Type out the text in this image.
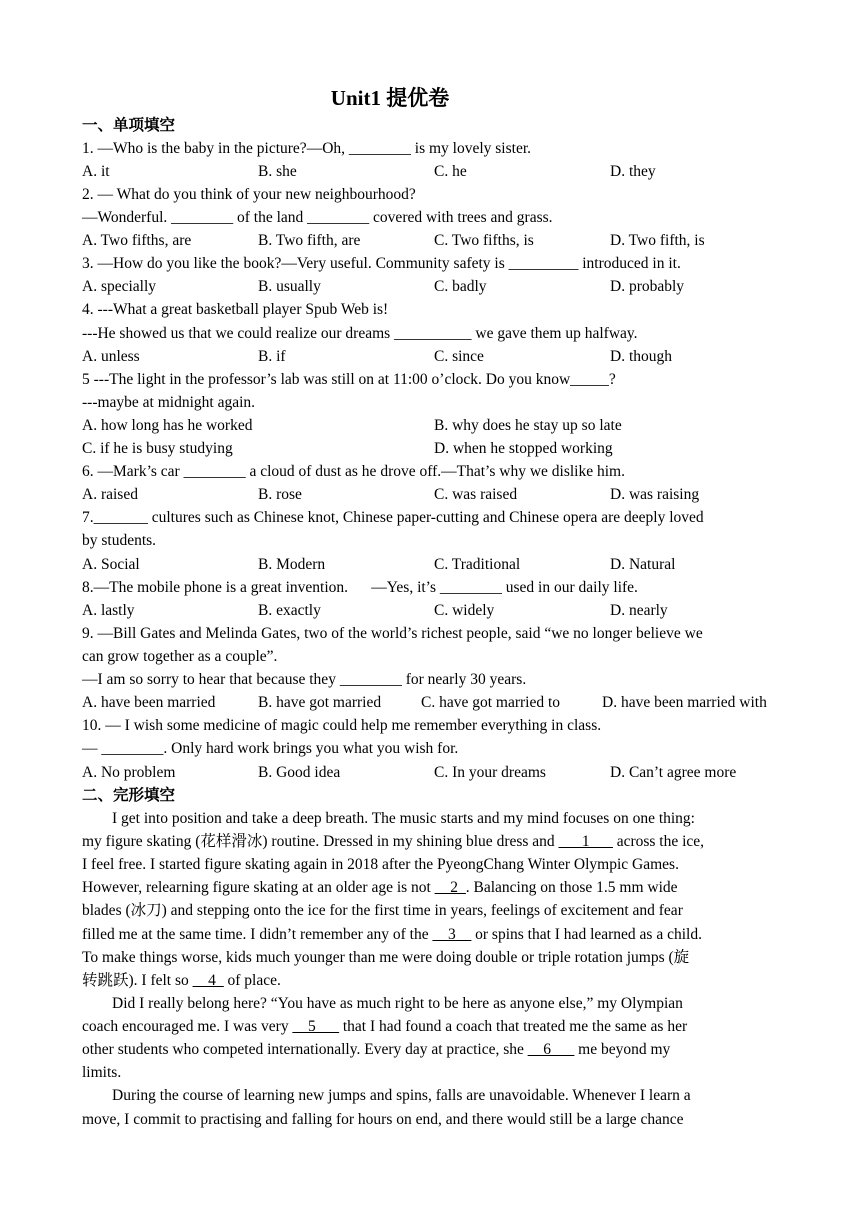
Unit1 提优卷
一、单项填空
1. —Who is the baby in the picture?—Oh, ________ is my lovely sister.
A. it	B. she	C. he	D. they
2. — What do you think of your new neighbourhood?
—Wonderful. ________ of the land ________ covered with trees and grass.
A. Two fifths, are	B. Two fifth, are	C. Two fifths, is	D. Two fifth, is
3. —How do you like the book?—Very useful. Community safety is _________ introduced in it.
A. specially	B. usually	C. badly	D. probably
4. ---What a great basketball player Spub Web is!
---He showed us that we could realize our dreams __________ we gave them up halfway.
A. unless	B. if	C. since	D. though
5 ---The light in the professor’s lab was still on at 11:00 o’clock. Do you know_____?
---maybe at midnight again.
A. how long has he worked	B. why does he stay up so late
C. if he is busy studying	D. when he stopped working
6. —Mark’s car ________ a cloud of dust as he drove off.—That’s why we dislike him.
A. raised	B. rose	C. was raised	D. was raising
7._______ cultures such as Chinese knot, Chinese paper-cutting and Chinese opera are deeply loved
by students.
A. Social	B. Modern	C. Traditional	D. Natural
8.—The mobile phone is a great invention.      —Yes, it’s ________ used in our daily life.
A. lastly	B. exactly	C. widely	D. nearly
9. —Bill Gates and Melinda Gates, two of the world’s richest people, said “we no longer believe we
can grow together as a couple”.
—I am so sorry to hear that because they ________ for nearly 30 years.
A. have been married	B. have got married	C. have got married to	D. have been married with
10. — I wish some medicine of magic could help me remember everything in class.
— ________. Only hard work brings you what you wish for.
A. No problem	B. Good idea	C. In your dreams	D. Can’t agree more
二、完形填空
I get into position and take a deep breath. The music starts and my mind focuses on one thing:
my figure skating (花样滑冰) routine. Dressed in my shining blue dress and ___1___ across the ice,
I feel free. I started figure skating again in 2018 after the PyeongChang Winter Olympic Games.
However, relearning figure skating at an older age is not __2_. Balancing on those 1.5 mm wide
blades (冰刀) and stepping onto the ice for the first time in years, feelings of excitement and fear
filled me at the same time. I didn’t remember any of the __3__ or spins that I had learned as a child.
To make things worse, kids much younger than me were doing double or triple rotation jumps (旋
转跳跃). I felt so __4_ of place.
Did I really belong here? “You have as much right to be here as anyone else,” my Olympian
coach encouraged me. I was very __5___ that I had found a coach that treated me the same as her
other students who competed internationally. Every day at practice, she __6___ me beyond my
limits.
During the course of learning new jumps and spins, falls are unavoidable. Whenever I learn a
move, I commit to practising and falling for hours on end, and there would still be a large chance
